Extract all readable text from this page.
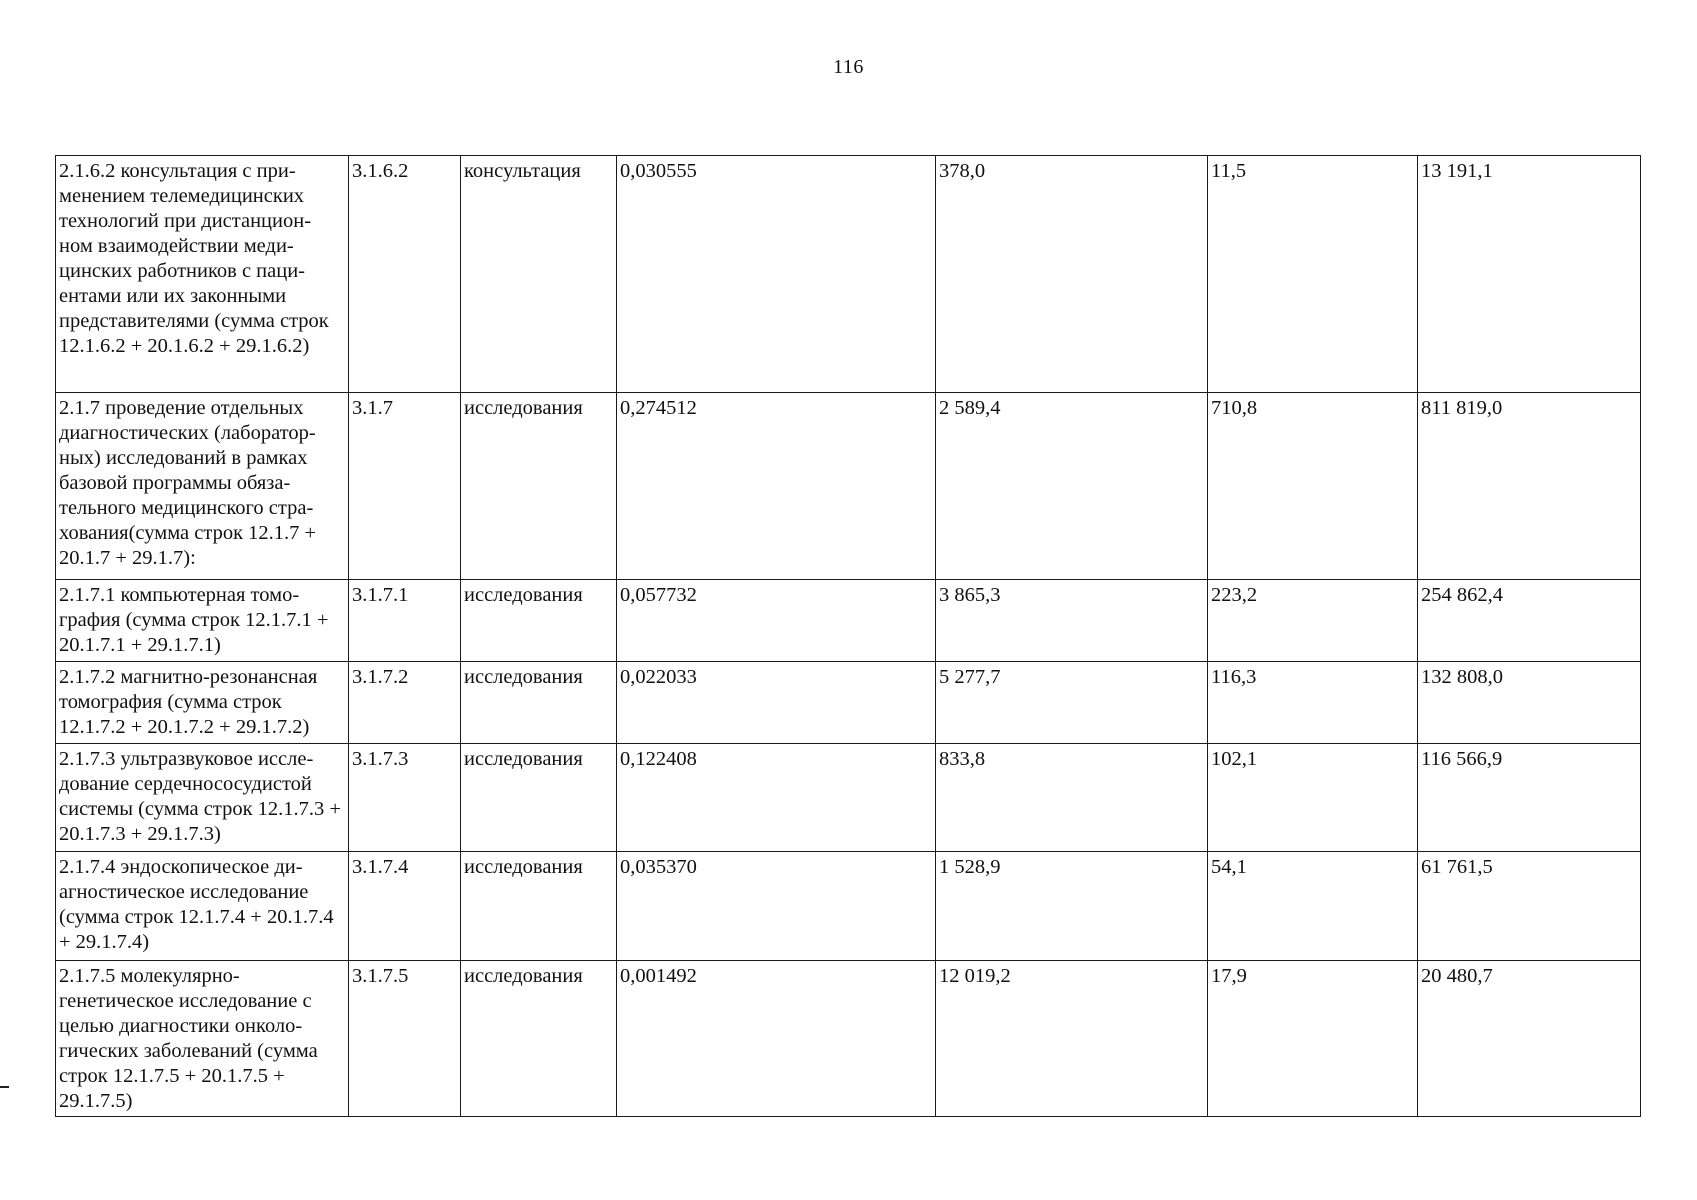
116
2.1.6.2 консультация с при-менением телемедицинских технологий при дистанцион-ном взаимодействии меди-цинских работников с паци-ентами или их законными представителями (сумма строк 12.1.6.2 + 20.1.6.2 + 29.1.6.2)	3.1.6.2	консультация	0,030555	378,0	11,5	13 191,1
2.1.7 проведение отдельных диагностических (лаборатор-ных) исследований в рамках базовой программы обяза-тельного медицинского стра-хования(сумма строк 12.1.7 + 20.1.7 + 29.1.7):	3.1.7	исследования	0,274512	2 589,4	710,8	811 819,0
2.1.7.1 компьютерная томо-графия (сумма строк 12.1.7.1 + 20.1.7.1 + 29.1.7.1)	3.1.7.1	исследования	0,057732	3 865,3	223,2	254 862,4
2.1.7.2 магнитно-резонансная томография (сумма строк 12.1.7.2 + 20.1.7.2 + 29.1.7.2)	3.1.7.2	исследования	0,022033	5 277,7	116,3	132 808,0
2.1.7.3 ультразвуковое иссле-дование сердечнососудистой системы (сумма строк 12.1.7.3 + 20.1.7.3 + 29.1.7.3)	3.1.7.3	исследования	0,122408	833,8	102,1	116 566,9
2.1.7.4 эндоскопическое ди-агностическое исследование (сумма строк 12.1.7.4 + 20.1.7.4 + 29.1.7.4)	3.1.7.4	исследования	0,035370	1 528,9	54,1	61 761,5
2.1.7.5 молекулярно-генетическое исследование с целью диагностики онколо-гических заболеваний (сумма строк 12.1.7.5 + 20.1.7.5 + 29.1.7.5)	3.1.7.5	исследования	0,001492	12 019,2	17,9	20 480,7
